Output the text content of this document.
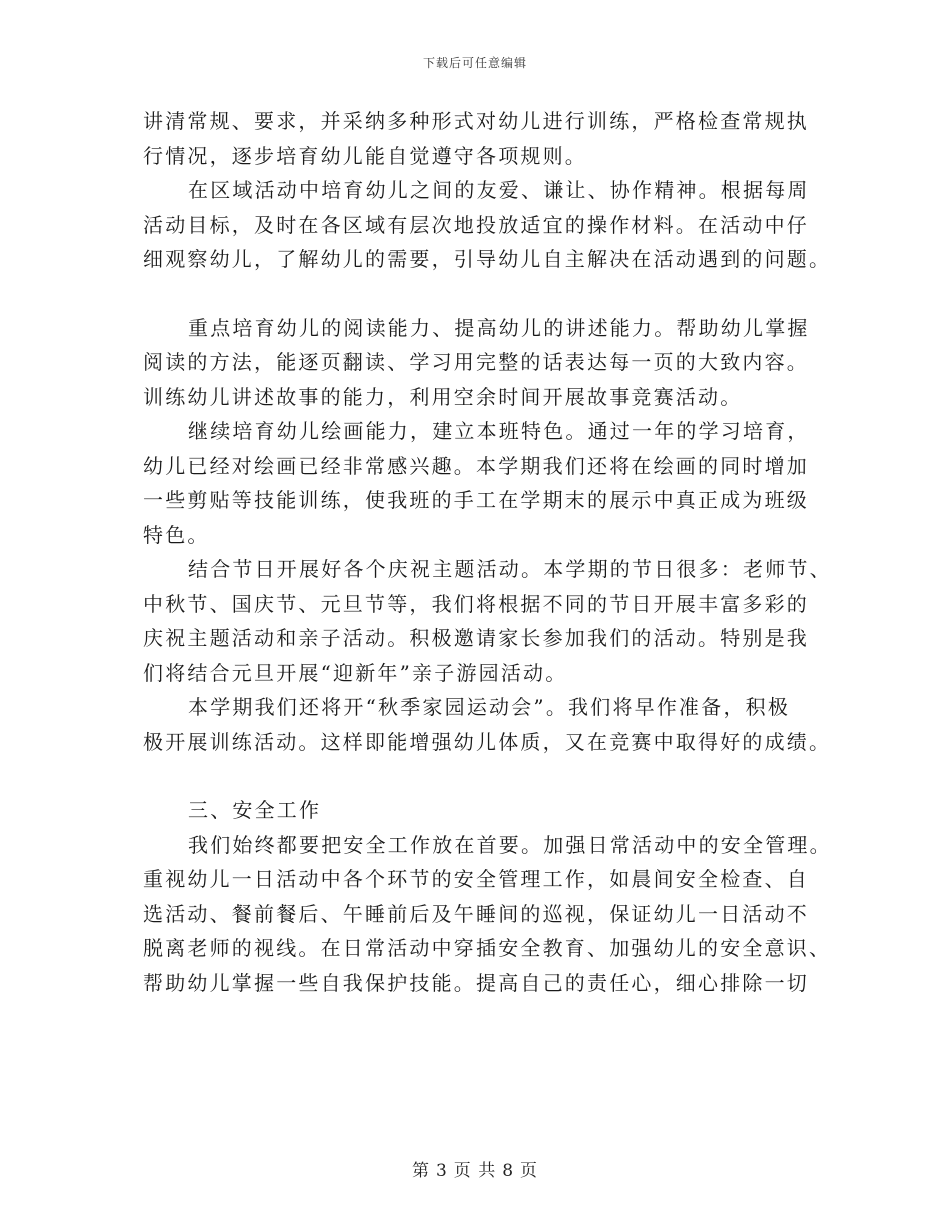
下载后可任意编辑
讲清常规、要求，并采纳多种形式对幼儿进行训练，严格检查常规执
行情况，逐步培育幼儿能自觉遵守各项规则。
在区域活动中培育幼儿之间的友爱、谦让、协作精神。根据每周
活动目标，及时在各区域有层次地投放适宜的操作材料。在活动中仔
细观察幼儿，了解幼儿的需要，引导幼儿自主解决在活动遇到的问题。
重点培育幼儿的阅读能力、提高幼儿的讲述能力。帮助幼儿掌握
阅读的方法，能逐页翻读、学习用完整的话表达每一页的大致内容。
训练幼儿讲述故事的能力，利用空余时间开展故事竞赛活动。
继续培育幼儿绘画能力，建立本班特色。通过一年的学习培育，
幼儿已经对绘画已经非常感兴趣。本学期我们还将在绘画的同时增加
一些剪贴等技能训练，使我班的手工在学期末的展示中真正成为班级
特色。
结合节日开展好各个庆祝主题活动。本学期的节日很多：老师节、
中秋节、国庆节、元旦节等，我们将根据不同的节日开展丰富多彩的
庆祝主题活动和亲子活动。积极邀请家长参加我们的活动。特别是我
们将结合元旦开展“迎新年”亲子游园活动。
本学期我们还将开“秋季家园运动会”。我们将早作准备，积极
极开展训练活动。这样即能增强幼儿体质，又在竞赛中取得好的成绩。
三、安全工作
我们始终都要把安全工作放在首要。加强日常活动中的安全管理。
重视幼儿一日活动中各个环节的安全管理工作，如晨间安全检查、自
选活动、餐前餐后、午睡前后及午睡间的巡视，保证幼儿一日活动不
脱离老师的视线。在日常活动中穿插安全教育、加强幼儿的安全意识、
帮助幼儿掌握一些自我保护技能。提高自己的责任心，细心排除一切
第 3 页 共 8 页
